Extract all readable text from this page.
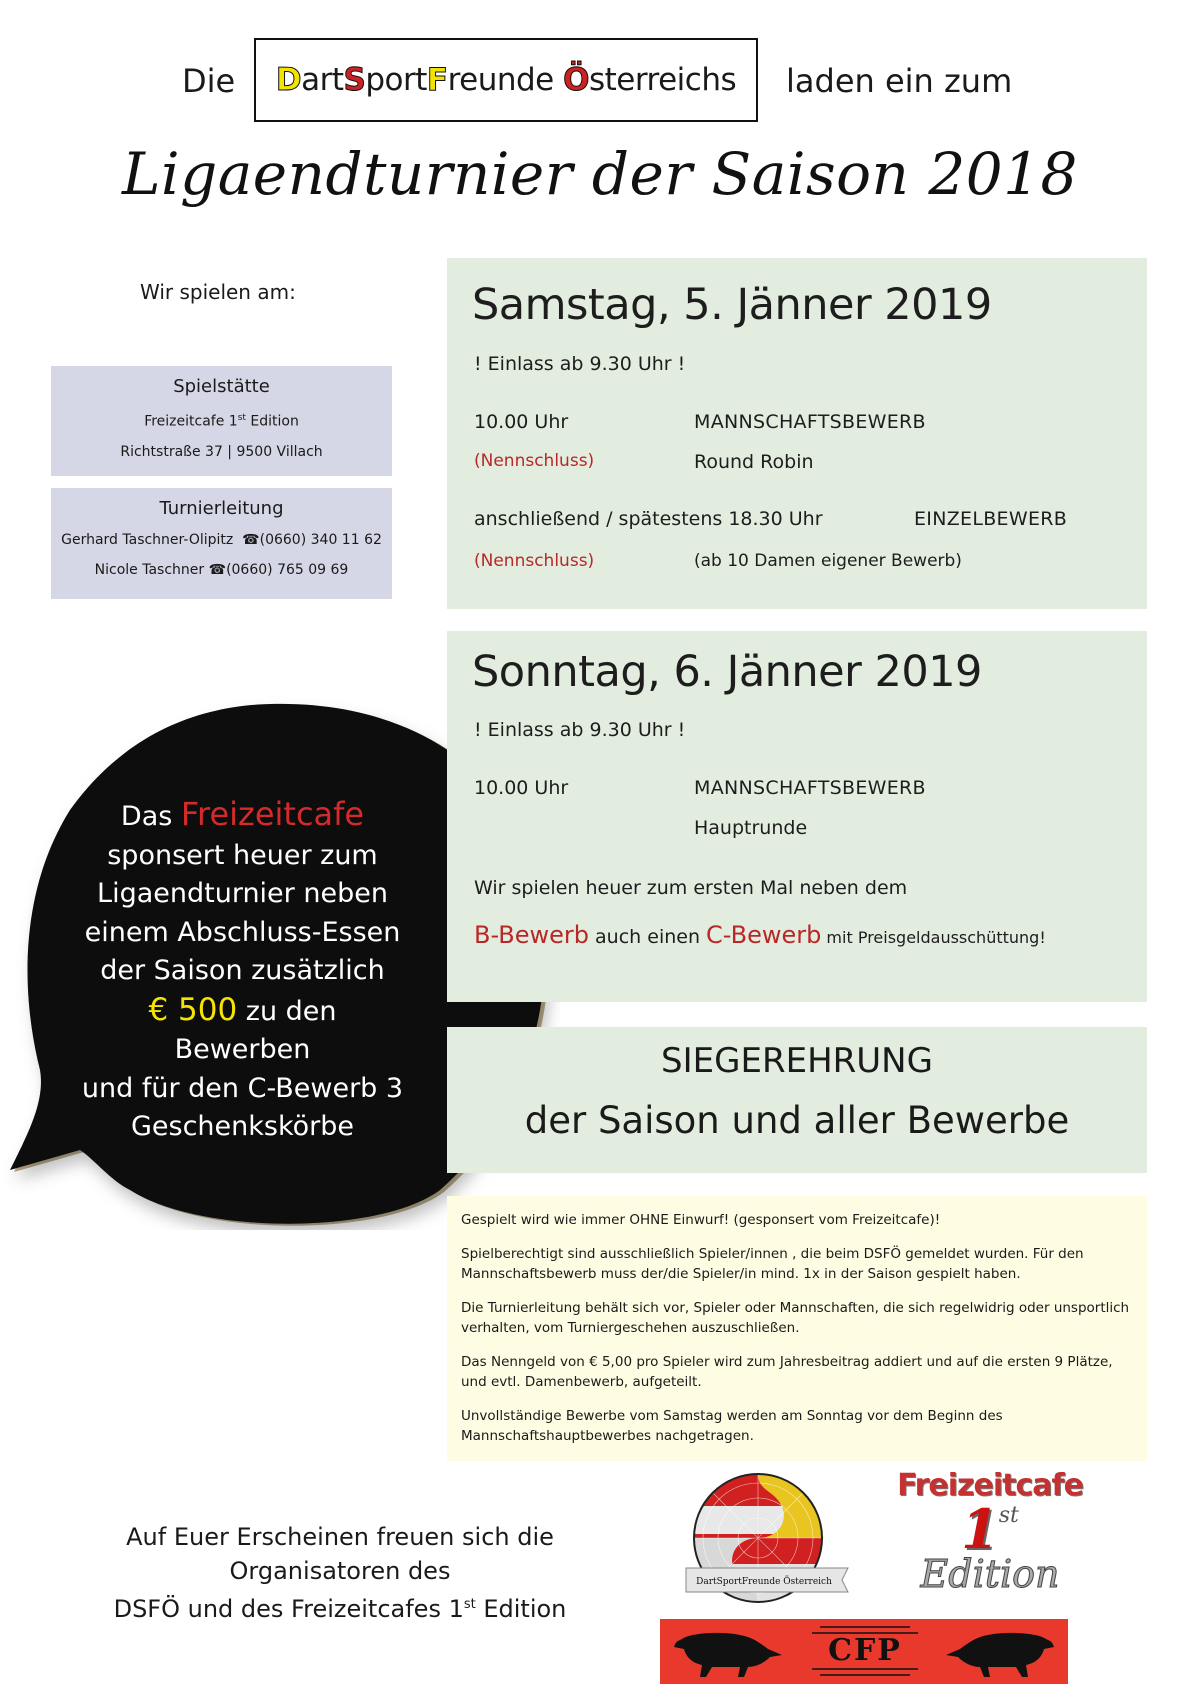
Die Dart Sport Freunde Österreichs laden ein zum
Ligaendturnier der Saison 2018
Wir spielen am:
Spielstätte
Freizeitcafe 1st Edition
Richtstraße 37 | 9500 Villach
Turnierleitung
Gerhard Taschner-Olipitz ☎(0660) 340 11 62
Nicole Taschner ☎(0660) 765 09 69
Das Freizeitcafe
sponsert heuer zum
Ligaendturnier neben
einem Abschluss-Essen
der Saison zusätzlich
€ 500 zu den
Bewerben
und für den C-Bewerb 3
Geschenkskörbe
Samstag, 5. Jänner 2019
! Einlass ab 9.30 Uhr !
10.00 Uhr	MANNSCHAFTSBEWERB
(Nennschluss)	Round Robin
anschließend / spätestens 18.30 Uhr	EINZELBEWERB
(Nennschluss)	(ab 10 Damen eigener Bewerb)
Sonntag, 6. Jänner 2019
! Einlass ab 9.30 Uhr !
10.00 Uhr	MANNSCHAFTSBEWERB
Hauptrunde
Wir spielen heuer zum ersten Mal neben dem
B-Bewerb auch einen C-Bewerb mit Preisgeldausschüttung!
SIEGEREHRUNG
der Saison und aller Bewerbe

Gespielt wird wie immer OHNE Einwurf! (gesponsert vom Freizeitcafe)!

Spielberechtigt sind ausschließlich Spieler/innen , die beim DSFÖ gemeldet wurden. Für den Mannschaftsbewerb muss der/die Spieler/in mind. 1x in der Saison gespielt haben.

Die Turnierleitung behält sich vor, Spieler oder Mannschaften, die sich regelwidrig oder unsportlich verhalten, vom Turniergeschehen auszuschließen.

Das Nenngeld von € 5,00 pro Spieler wird zum Jahresbeitrag addiert und auf die ersten 9 Plätze, und evtl. Damenbewerb, aufgeteilt.

Unvollständige Bewerbe vom Samstag werden am Sonntag vor dem Beginn des Mannschaftshauptbewerbes nachgetragen.

Auf Euer Erscheinen freuen sich die
Organisatoren des
DSFÖ und des Freizeitcafes 1st Edition
DartSportFreunde Österreich
Freizeitcafe
1st
Edition
CFP
